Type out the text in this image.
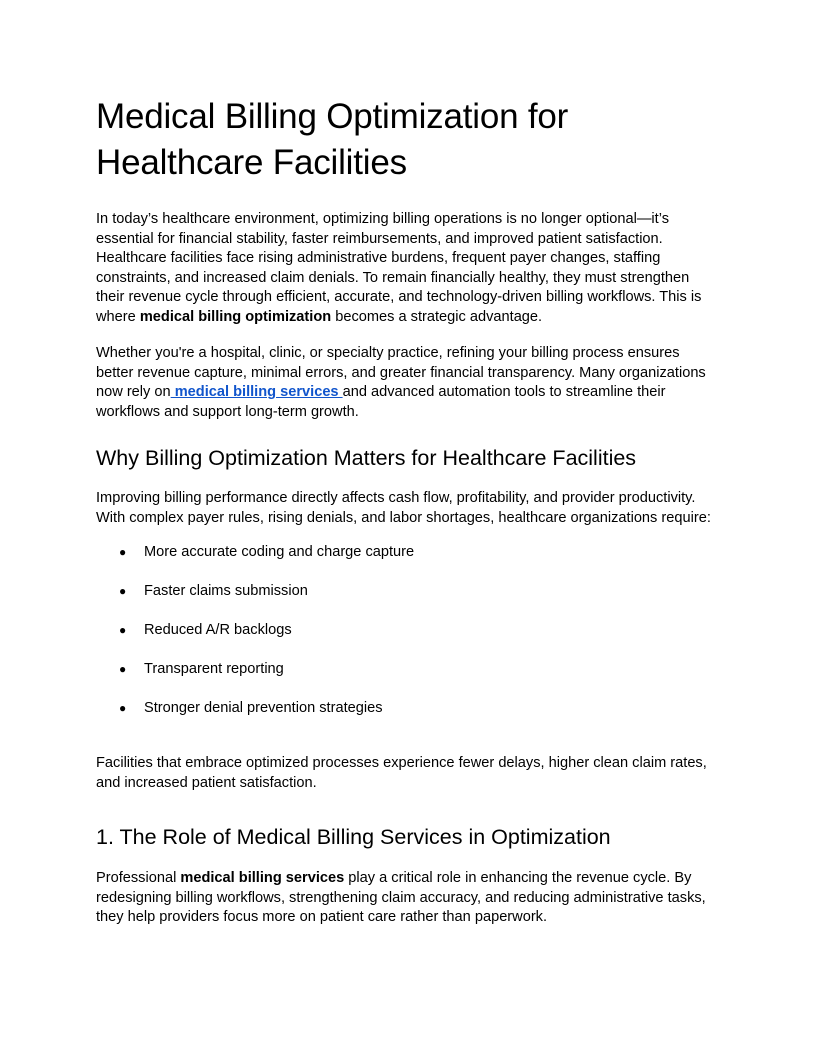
Medical Billing Optimization for Healthcare Facilities

In today’s healthcare environment, optimizing billing operations is no longer optional—it’s essential for financial stability, faster reimbursements, and improved patient satisfaction. Healthcare facilities face rising administrative burdens, frequent payer changes, staffing constraints, and increased claim denials. To remain financially healthy, they must strengthen their revenue cycle through efficient, accurate, and technology-driven billing workflows. This is where medical billing optimization becomes a strategic advantage.

Whether you're a hospital, clinic, or specialty practice, refining your billing process ensures better revenue capture, minimal errors, and greater financial transparency. Many organizations now rely on medical billing services and advanced automation tools to streamline their workflows and support long-term growth.

Why Billing Optimization Matters for Healthcare Facilities

Improving billing performance directly affects cash flow, profitability, and provider productivity. With complex payer rules, rising denials, and labor shortages, healthcare organizations require:

● More accurate coding and charge capture
● Faster claims submission
● Reduced A/R backlogs
● Transparent reporting
● Stronger denial prevention strategies

Facilities that embrace optimized processes experience fewer delays, higher clean claim rates, and increased patient satisfaction.

1. The Role of Medical Billing Services in Optimization

Professional medical billing services play a critical role in enhancing the revenue cycle. By redesigning billing workflows, strengthening claim accuracy, and reducing administrative tasks, they help providers focus more on patient care rather than paperwork.
